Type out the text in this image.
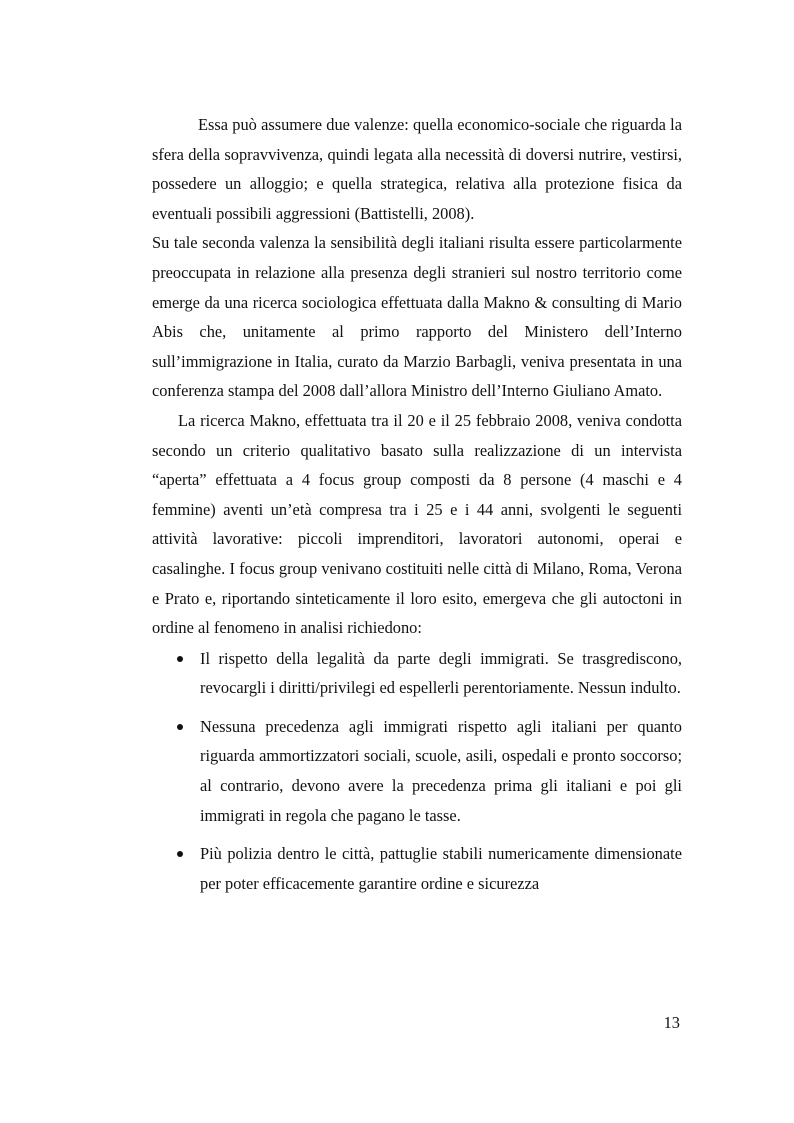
Essa può assumere due valenze: quella economico-sociale che riguarda la sfera della sopravvivenza, quindi legata alla necessità di doversi nutrire, vestirsi, possedere un alloggio; e quella strategica, relativa alla protezione fisica da eventuali possibili aggressioni (Battistelli, 2008).

Su tale seconda valenza la sensibilità degli italiani risulta essere particolarmente preoccupata in relazione alla presenza degli stranieri sul nostro territorio come emerge da una ricerca sociologica effettuata dalla Makno & consulting di Mario Abis che, unitamente al primo rapporto del Ministero dell’Interno sull’immigrazione in Italia, curato da Marzio Barbagli, veniva presentata in una conferenza stampa del 2008 dall’allora Ministro dell’Interno Giuliano Amato.

La ricerca Makno, effettuata tra il 20 e il 25 febbraio 2008, veniva condotta secondo un criterio qualitativo basato sulla realizzazione di un intervista “aperta” effettuata a 4 focus group composti da 8 persone (4 maschi e 4 femmine) aventi un’età compresa tra i 25 e i 44 anni, svolgenti le seguenti attività lavorative: piccoli imprenditori, lavoratori autonomi, operai e casalinghe. I focus group venivano costituiti nelle città di Milano, Roma, Verona e Prato e, riportando sinteticamente il loro esito, emergeva che gli autoctoni in ordine al fenomeno in analisi richiedono:

Il rispetto della legalità da parte degli immigrati. Se trasgrediscono, revocargli i diritti/privilegi ed espellerli perentoriamente. Nessun indulto.
Nessuna precedenza agli immigrati rispetto agli italiani per quanto riguarda ammortizzatori sociali, scuole, asili, ospedali e pronto soccorso; al contrario, devono avere la precedenza prima gli italiani e poi gli immigrati in regola che pagano le tasse.
Più polizia dentro le città, pattuglie stabili numericamente dimensionate per poter efficacemente garantire ordine e sicurezza
13
